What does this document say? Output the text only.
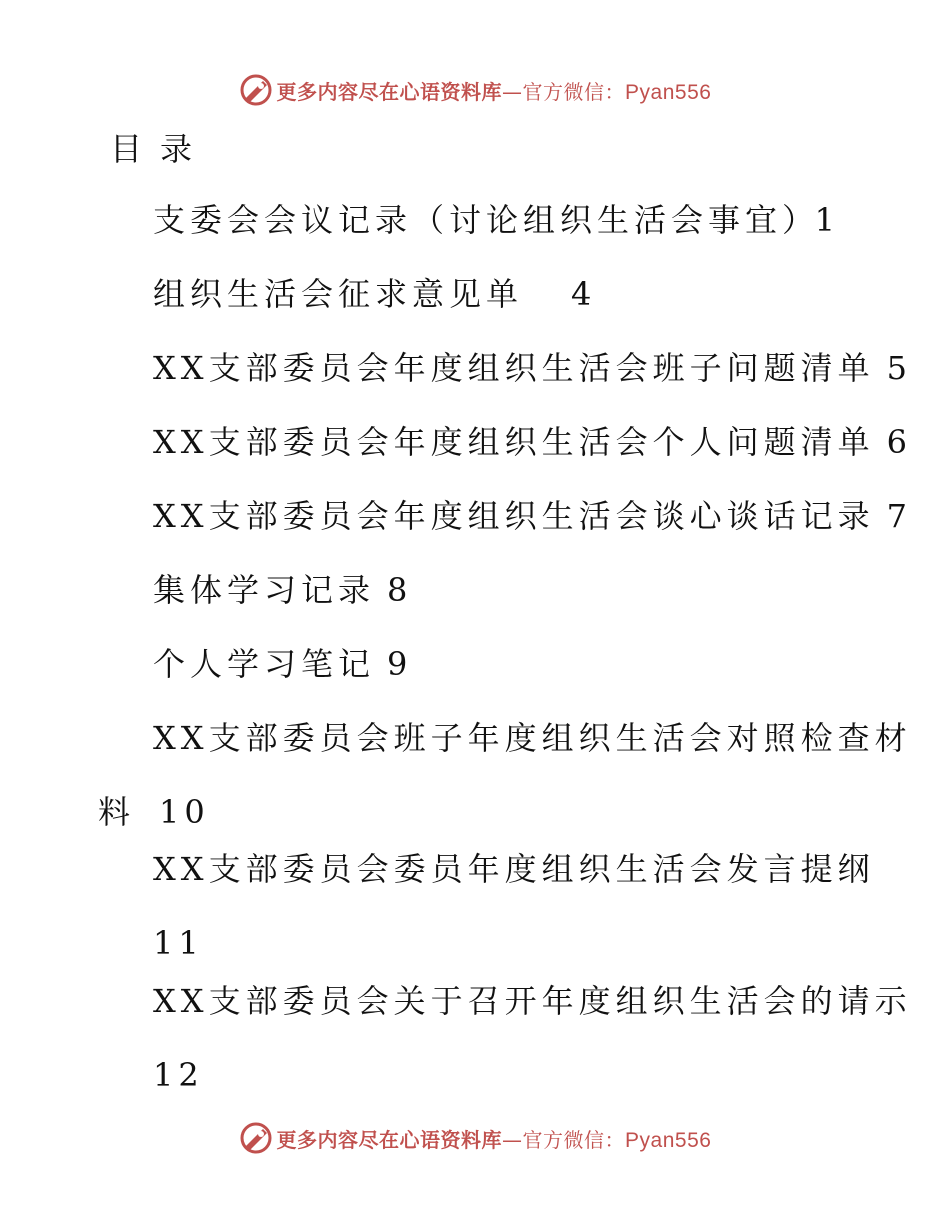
更多内容尽在心语资料库—官方微信：Pyan556
目录
支委会会议记录（讨论组织生活会事宜）
1
组织生活会征求意见单 4
XX支部委员会年度组织生活会班子问题清单 5
XX支部委员会年度组织生活会个人问题清单 6
XX支部委员会年度组织生活会谈心谈话记录 7
集体学习记录 8
个人学习笔记 9
XX支部委员会班子年度组织生活会对照检查材
料 10
XX支部委员会委员年度组织生活会发言提纲
11
XX支部委员会关于召开年度组织生活会的请示
12
更多内容尽在心语资料库—官方微信：Pyan556
